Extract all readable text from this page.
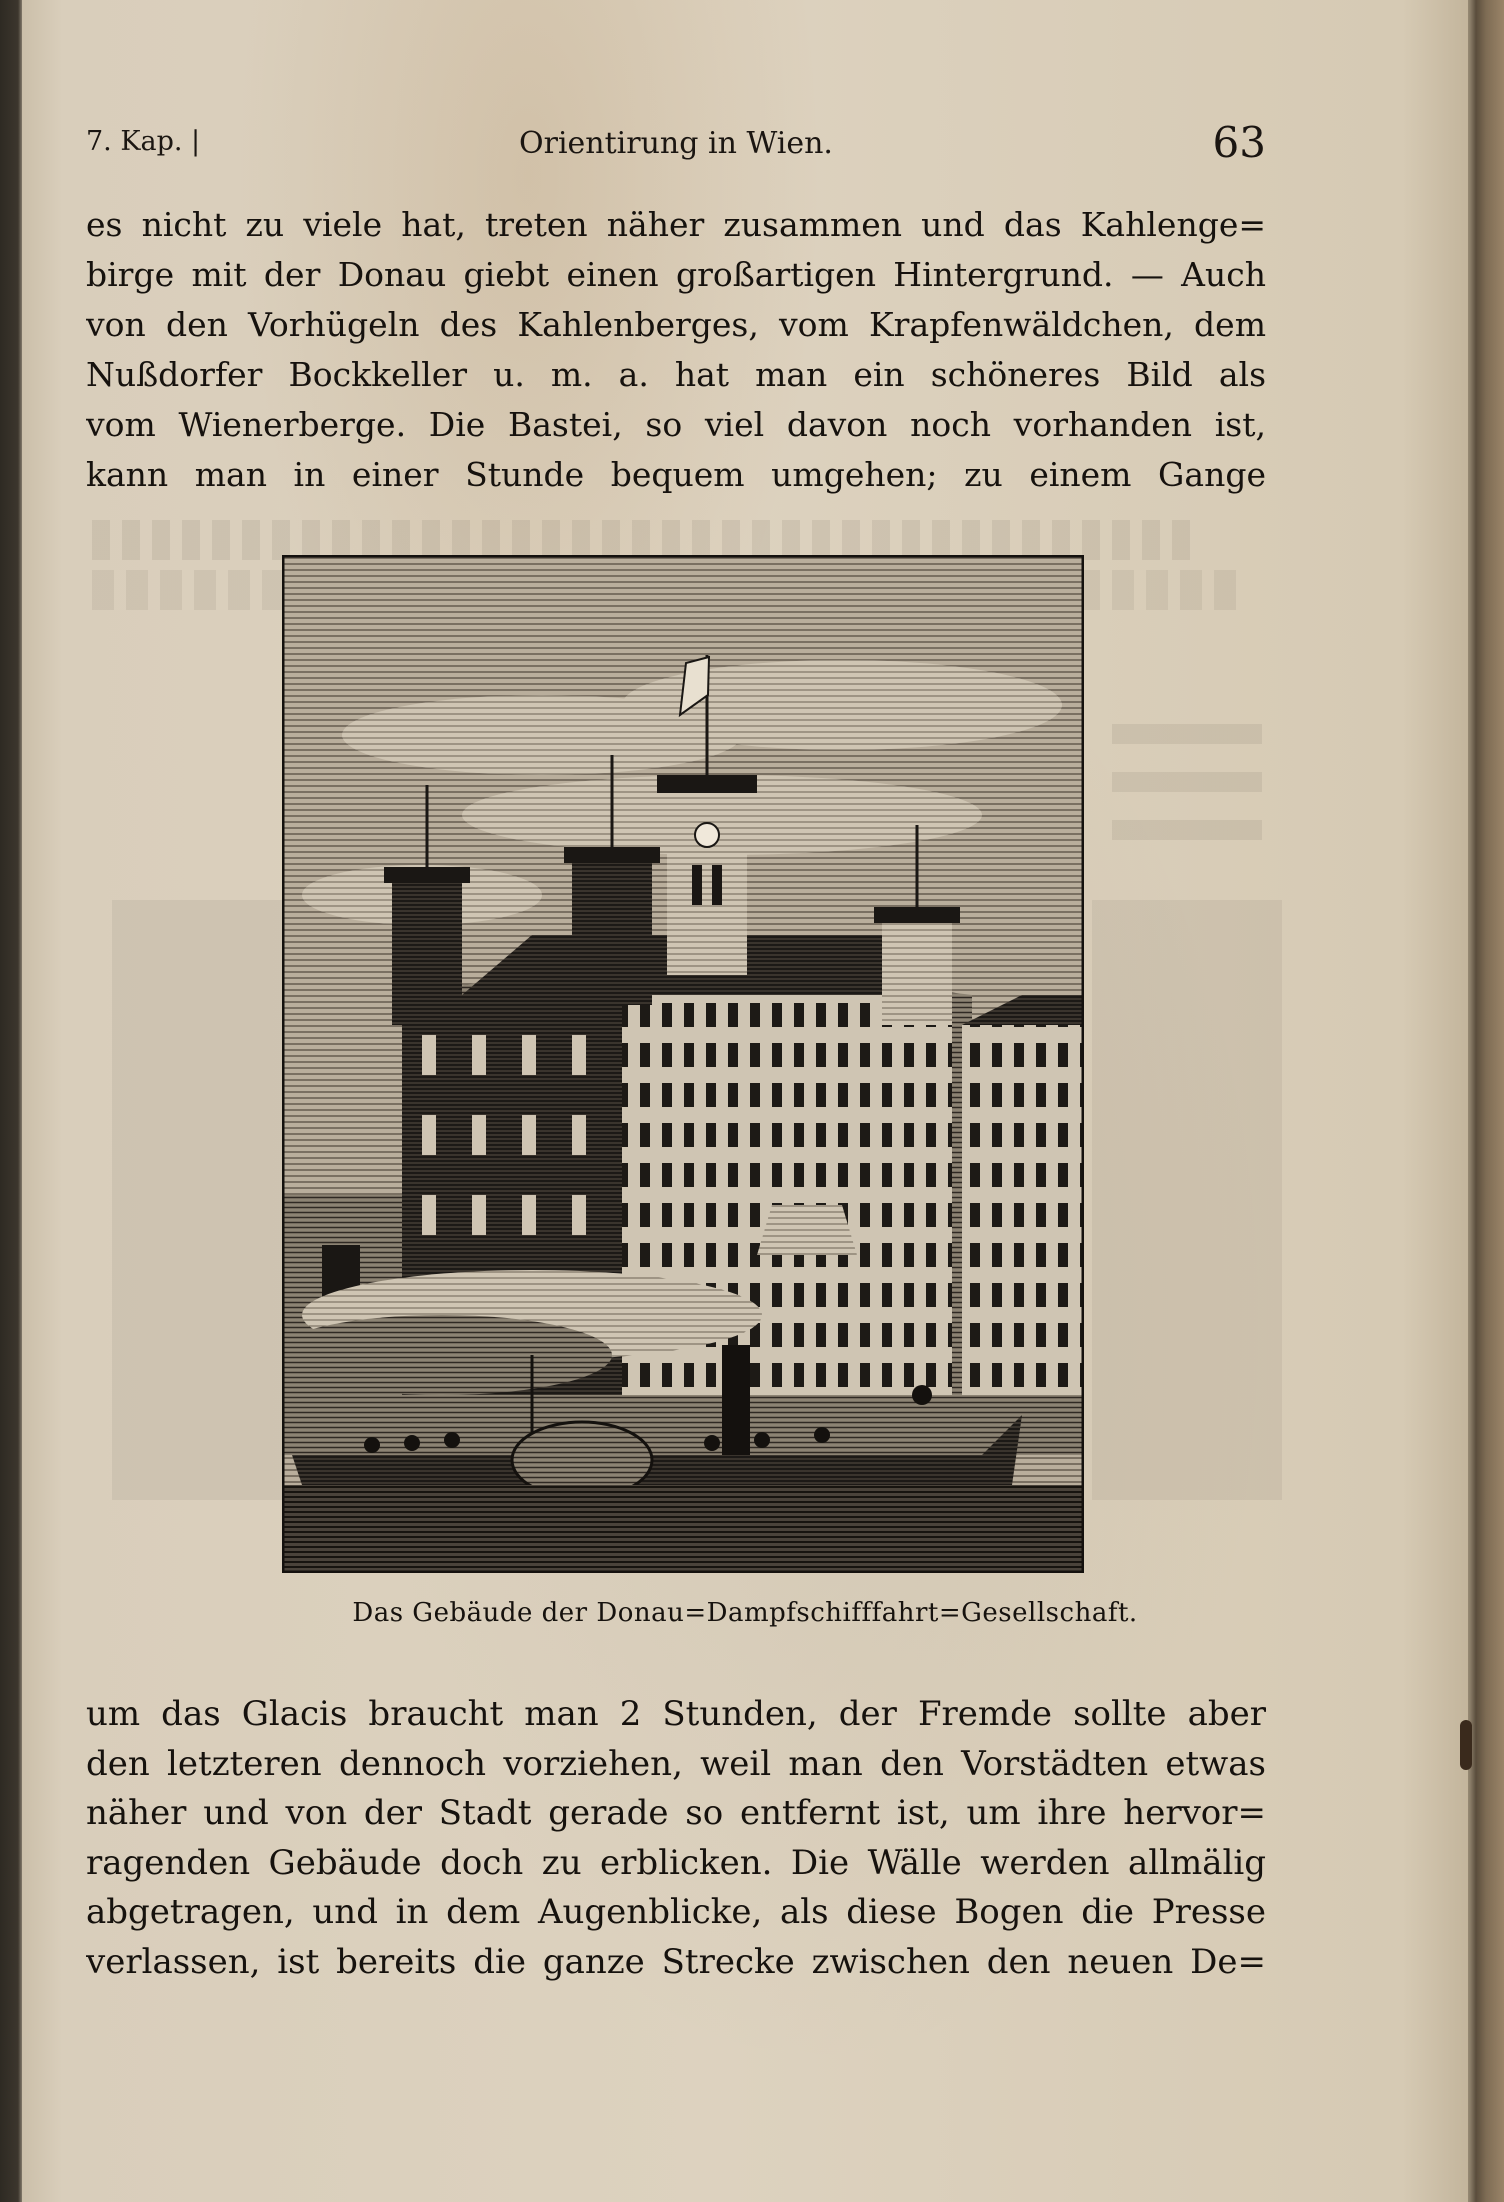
7. Kap. |	Orientirung in Wien.	63
es nicht zu viele hat, treten näher zusammen und das Kahlenge=
birge mit der Donau giebt einen großartigen Hintergrund. — Auch
von den Vorhügeln des Kahlenberges, vom Krapfenwäldchen, dem
Nußdorfer Bockkeller u. m. a. hat man ein schöneres Bild als
vom Wienerberge. Die Bastei, so viel davon noch vorhanden ist,
kann man in einer Stunde bequem umgehen; zu einem Gange
Das Gebäude der Donau=Dampfschifffahrt=Gesellschaft.
um das Glacis braucht man 2 Stunden, der Fremde sollte aber
den letzteren dennoch vorziehen, weil man den Vorstädten etwas
näher und von der Stadt gerade so entfernt ist, um ihre hervor=
ragenden Gebäude doch zu erblicken. Die Wälle werden allmälig
abgetragen, und in dem Augenblicke, als diese Bogen die Presse
verlassen, ist bereits die ganze Strecke zwischen den neuen De=
